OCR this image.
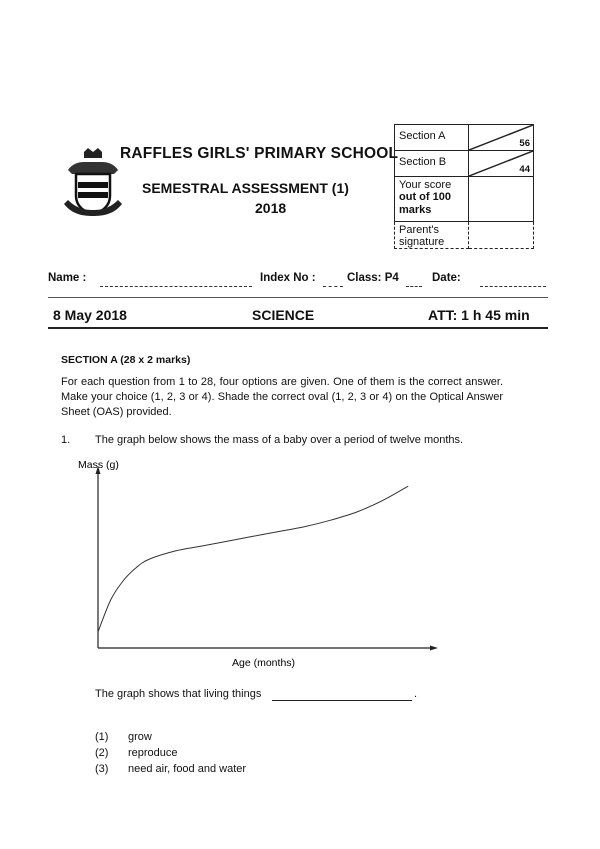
RAFFLES GIRLS' PRIMARY SCHOOL
SEMESTRAL ASSESSMENT (1)
2018
Section A	56

Section B	44

Your score
out of 100
marks	

Parent's
signature	

Name :	Index No :	Class: P4	Date:
8 May 2018	SCIENCE	ATT: 1 h 45 min
SECTION A (28 x 2 marks)
For each question from 1 to 28, four options are given. One of them is the correct answer. Make your choice (1, 2, 3 or 4). Shade the correct oval (1, 2, 3 or 4) on the Optical Answer Sheet (OAS) provided.
1. The graph below shows the mass of a baby over a period of twelve months.
Mass (g)
Age (months)
The graph shows that living things	.
(1) grow
(2) reproduce
(3) need air, food and water
